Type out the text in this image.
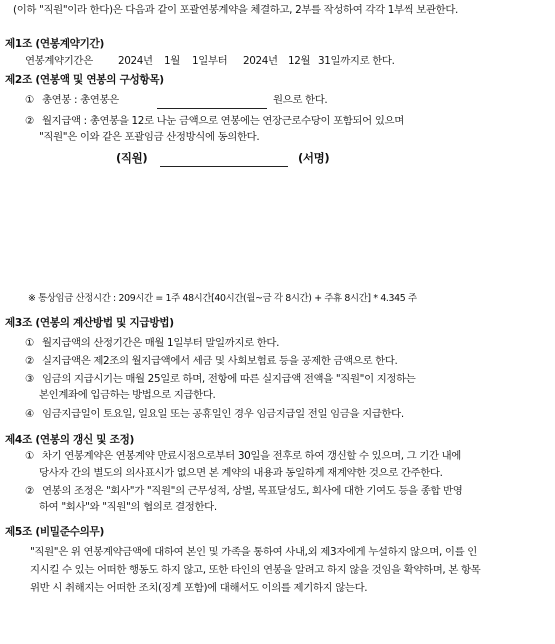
(이하 "직원"이라 한다)은 다음과 같이 포괄연봉계약을 체결하고, 2부를 작성하여 각각 1부씩 보관한다.
제1조 (연봉계약기간)
연봉계약기간은 2024년 1월 1일부터 2024년 12월 31일까지로 한다.
제2조 (연봉액 및 연봉의 구성항목)
① 총연봉 : 총연봉은	원으로 한다.
② 월지급액 : 총연봉을 12로 나눈 금액으로 연봉에는 연장근로수당이 포함되어 있으며
"직원"은 이와 같은 포괄임금 산정방식에 동의한다.
(직원)	(서명)
※ 통상임금 산정시간 : 209시간 = 1주 48시간[40시간(월~금 각 8시간) + 주휴 8시간] * 4.345 주
제3조 (연봉의 계산방법 및 지급방법)
① 월지급액의 산정기간은 매월 1일부터 말일까지로 한다.
② 실지급액은 제2조의 월지급액에서 세금 및 사회보험료 등을 공제한 금액으로 한다.
③ 임금의 지급시기는 매월 25일로 하며, 전항에 따른 실지급액 전액을 "직원"이 지정하는
본인계좌에 입금하는 방법으로 지급한다.
④ 임금지급일이 토요일, 일요일 또는 공휴일인 경우 임금지급일 전일 임금을 지급한다.
제4조 (연봉의 갱신 및 조정)
① 차기 연봉계약은 연봉계약 만료시점으로부터 30일을 전후로 하여 갱신할 수 있으며, 그 기간 내에
당사자 간의 별도의 의사표시가 없으면 본 계약의 내용과 동일하게 재계약한 것으로 간주한다.
② 연봉의 조정은 "회사"가 "직원"의 근무성적, 상벌, 목표달성도, 회사에 대한 기여도 등을 종합 반영
하여 "회사"와 "직원"의 협의로 결정한다.
제5조 (비밀준수의무)
"직원"은 위 연봉계약금액에 대하여 본인 및 가족을 통하여 사내,외 제3자에게 누설하지 않으며, 이를 인
지시킬 수 있는 어떠한 행동도 하지 않고, 또한 타인의 연봉을 알려고 하지 않을 것임을 확약하며, 본 항목
위반 시 취해지는 어떠한 조치(징계 포함)에 대해서도 이의를 제기하지 않는다.
